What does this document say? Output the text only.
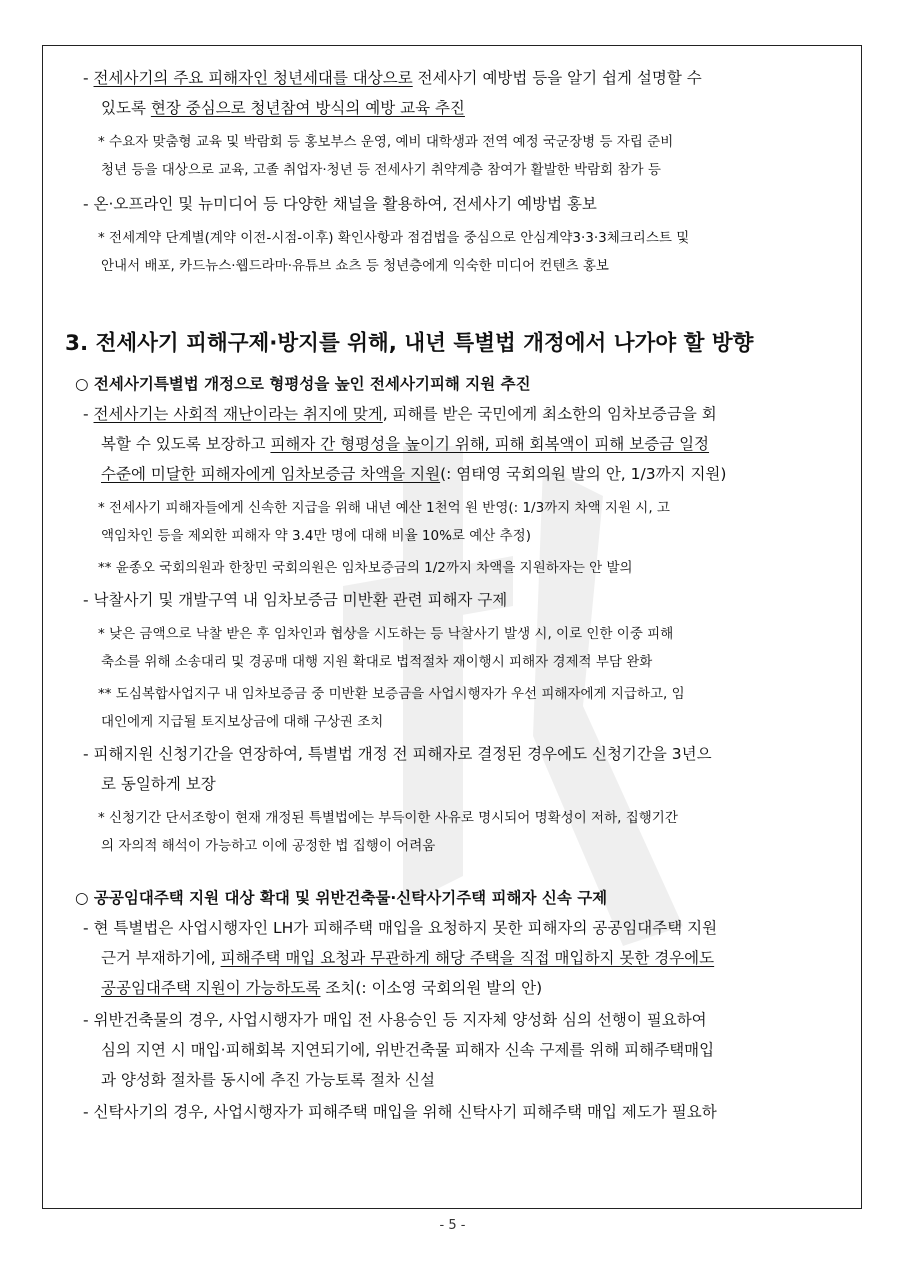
- 전세사기의 주요 피해자인 청년세대를 대상으로 전세사기 예방법 등을 알기 쉽게 설명할 수

있도록 현장 중심으로 청년참여 방식의 예방 교육 추진

* 수요자 맞춤형 교육 및 박람회 등 홍보부스 운영, 예비 대학생과 전역 예정 국군장병 등 자립 준비

청년 등을 대상으로 교육, 고졸 취업자·청년 등 전세사기 취약계층 참여가 활발한 박람회 참가 등

- 온·오프라인 및 뉴미디어 등 다양한 채널을 활용하여, 전세사기 예방법 홍보

* 전세계약 단계별(계약 이전-시점-이후) 확인사항과 점검법을 중심으로 안심계약3·3·3체크리스트 및

안내서 배포, 카드뉴스·웹드라마·유튜브 쇼츠 등 청년층에게 익숙한 미디어 컨텐츠 홍보

3. 전세사기 피해구제·방지를 위해, 내년 특별법 개정에서 나가야 할 방향

○ 전세사기특별법 개정으로 형평성을 높인 전세사기피해 지원 추진

- 전세사기는 사회적 재난이라는 취지에 맞게, 피해를 받은 국민에게 최소한의 임차보증금을 회

복할 수 있도록 보장하고 피해자 간 형평성을 높이기 위해, 피해 회복액이 피해 보증금 일정

수준에 미달한 피해자에게 임차보증금 차액을 지원(: 염태영 국회의원 발의 안, 1/3까지 지원)

* 전세사기 피해자들에게 신속한 지급을 위해 내년 예산 1천억 원 반영(: 1/3까지 차액 지원 시, 고

액임차인 등을 제외한 피해자 약 3.4만 명에 대해 비율 10%로 예산 추정)

** 윤종오 국회의원과 한창민 국회의원은 임차보증금의 1/2까지 차액을 지원하자는 안 발의

- 낙찰사기 및 개발구역 내 임차보증금 미반환 관련 피해자 구제

* 낮은 금액으로 낙찰 받은 후 임차인과 협상을 시도하는 등 낙찰사기 발생 시, 이로 인한 이중 피해

축소를 위해 소송대리 및 경공매 대행 지원 확대로 법적절차 재이행시 피해자 경제적 부담 완화

** 도심복합사업지구 내 임차보증금 중 미반환 보증금을 사업시행자가 우선 피해자에게 지급하고, 임

대인에게 지급될 토지보상금에 대해 구상권 조치

- 피해지원 신청기간을 연장하여, 특별법 개정 전 피해자로 결정된 경우에도 신청기간을 3년으

로 동일하게 보장

* 신청기간 단서조항이 현재 개정된 특별법에는 부득이한 사유로 명시되어 명확성이 저하, 집행기간

의 자의적 해석이 가능하고 이에 공정한 법 집행이 어려움

○ 공공임대주택 지원 대상 확대 및 위반건축물·신탁사기주택 피해자 신속 구제

- 현 특별법은 사업시행자인 LH가 피해주택 매입을 요청하지 못한 피해자의 공공임대주택 지원

근거 부재하기에, 피해주택 매입 요청과 무관하게 해당 주택을 직접 매입하지 못한 경우에도

공공임대주택 지원이 가능하도록 조치(: 이소영 국회의원 발의 안)

- 위반건축물의 경우, 사업시행자가 매입 전 사용승인 등 지자체 양성화 심의 선행이 필요하여

심의 지연 시 매입·피해회복 지연되기에, 위반건축물 피해자 신속 구제를 위해 피해주택매입

과 양성화 절차를 동시에 추진 가능토록 절차 신설

- 신탁사기의 경우, 사업시행자가 피해주택 매입을 위해 신탁사기 피해주택 매입 제도가 필요하

- 5 -
